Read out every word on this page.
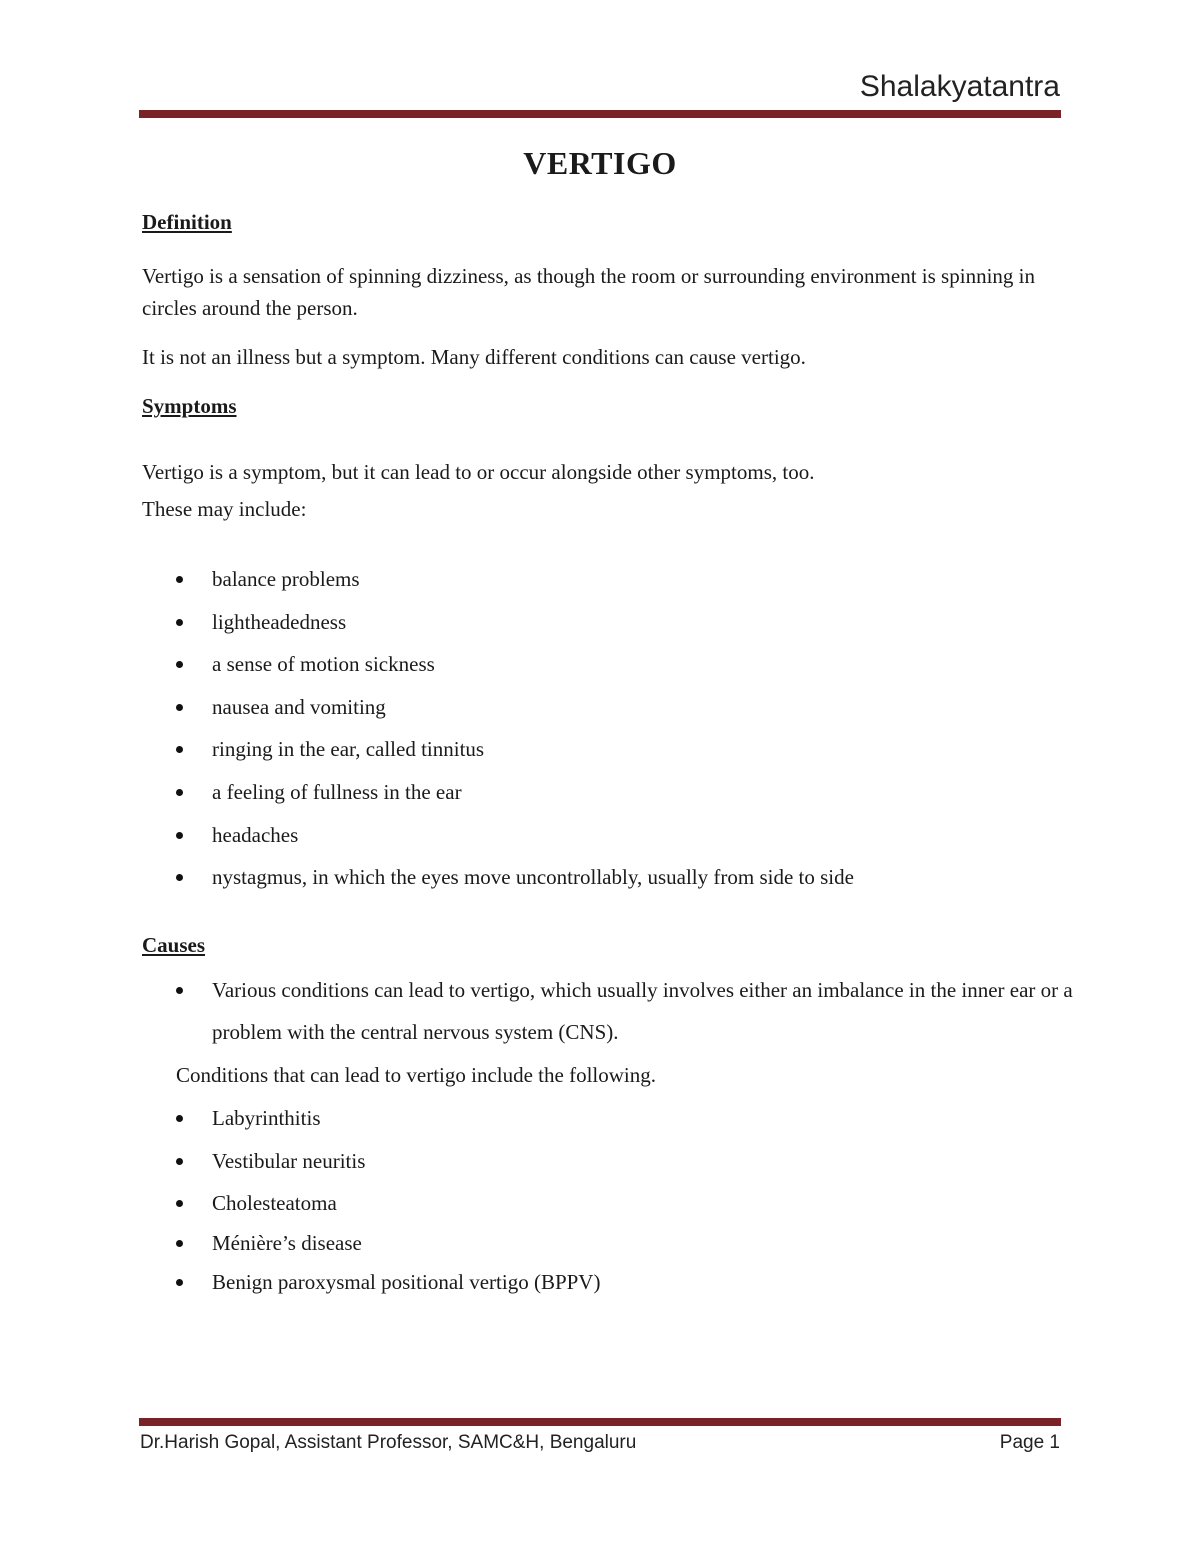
Shalakyatantra
VERTIGO
Definition
Vertigo is a sensation of spinning dizziness, as though the room or surrounding environment is spinning in circles around the person.
It is not an illness but a symptom. Many different conditions can cause vertigo.
Symptoms
Vertigo is a symptom, but it can lead to or occur alongside other symptoms, too.
These may include:
balance problems
lightheadedness
a sense of motion sickness
nausea and vomiting
ringing in the ear, called tinnitus
a feeling of fullness in the ear
headaches
nystagmus, in which the eyes move uncontrollably, usually from side to side
Causes
Various conditions can lead to vertigo, which usually involves either an imbalance in the inner ear or a problem with the central nervous system (CNS).
Conditions that can lead to vertigo include the following.
Labyrinthitis
Vestibular neuritis
Cholesteatoma
Ménière’s disease
Benign paroxysmal positional vertigo (BPPV)
Dr.Harish Gopal, Assistant Professor, SAMC&H, Bengaluru	Page 1
